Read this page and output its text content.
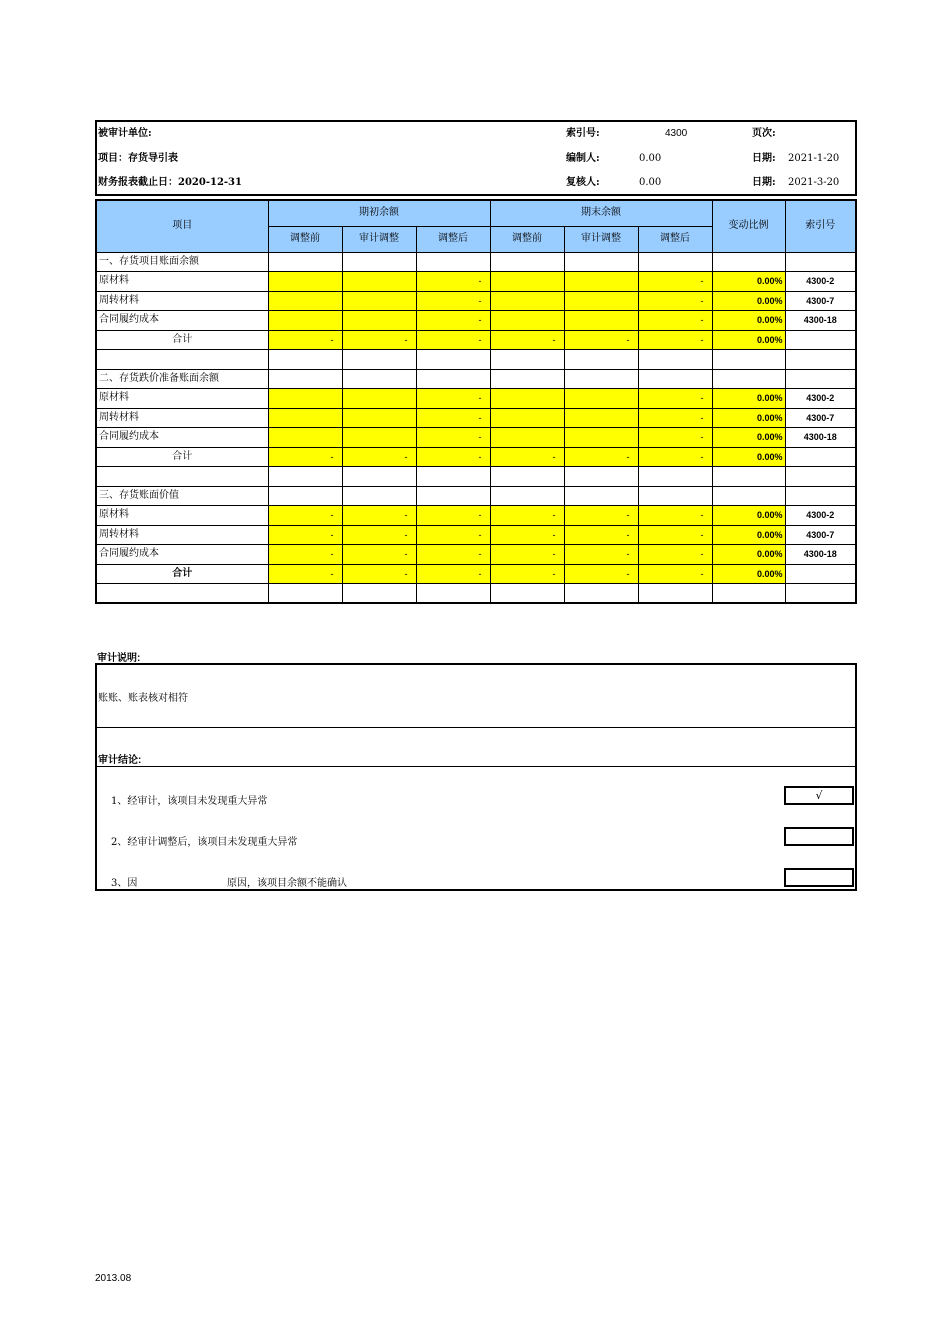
被审计单位:
项目：存货导引表
财务报表截止日：2020-12-31
索引号:	4300	页次:
编制人:	0.00	日期: 2021-1-20
复核人:	0.00	日期: 2021-3-20
项目	期初余额			期末余额			变动比例	索引号
	调整前	审计调整	调整后	调整前	审计调整	调整后		
一、存货项目账面余额								
原材料			-			-	0.00%	4300-2
周转材料			-			-	0.00%	4300-7
合同履约成本			-			-	0.00%	4300-18
合计	-	-	-	-	-	-	0.00%	

二、存货跌价准备账面余额								
原材料			-			-	0.00%	4300-2
周转材料			-			-	0.00%	4300-7
合同履约成本			-			-	0.00%	4300-18
合计	-	-	-	-	-	-	0.00%	

三、存货账面价值								
原材料	-	-	-	-	-	-	0.00%	4300-2
周转材料	-	-	-	-	-	-	0.00%	4300-7
合同履约成本	-	-	-	-	-	-	0.00%	4300-18
合计	-	-	-	-	-	-	0.00%	

审计说明:
账账、账表核对相符
审计结论:
1、经审计，该项目未发现重大异常	√
2、经审计调整后，该项目未发现重大异常
3、因	原因，该项目余额不能确认
2013.08
